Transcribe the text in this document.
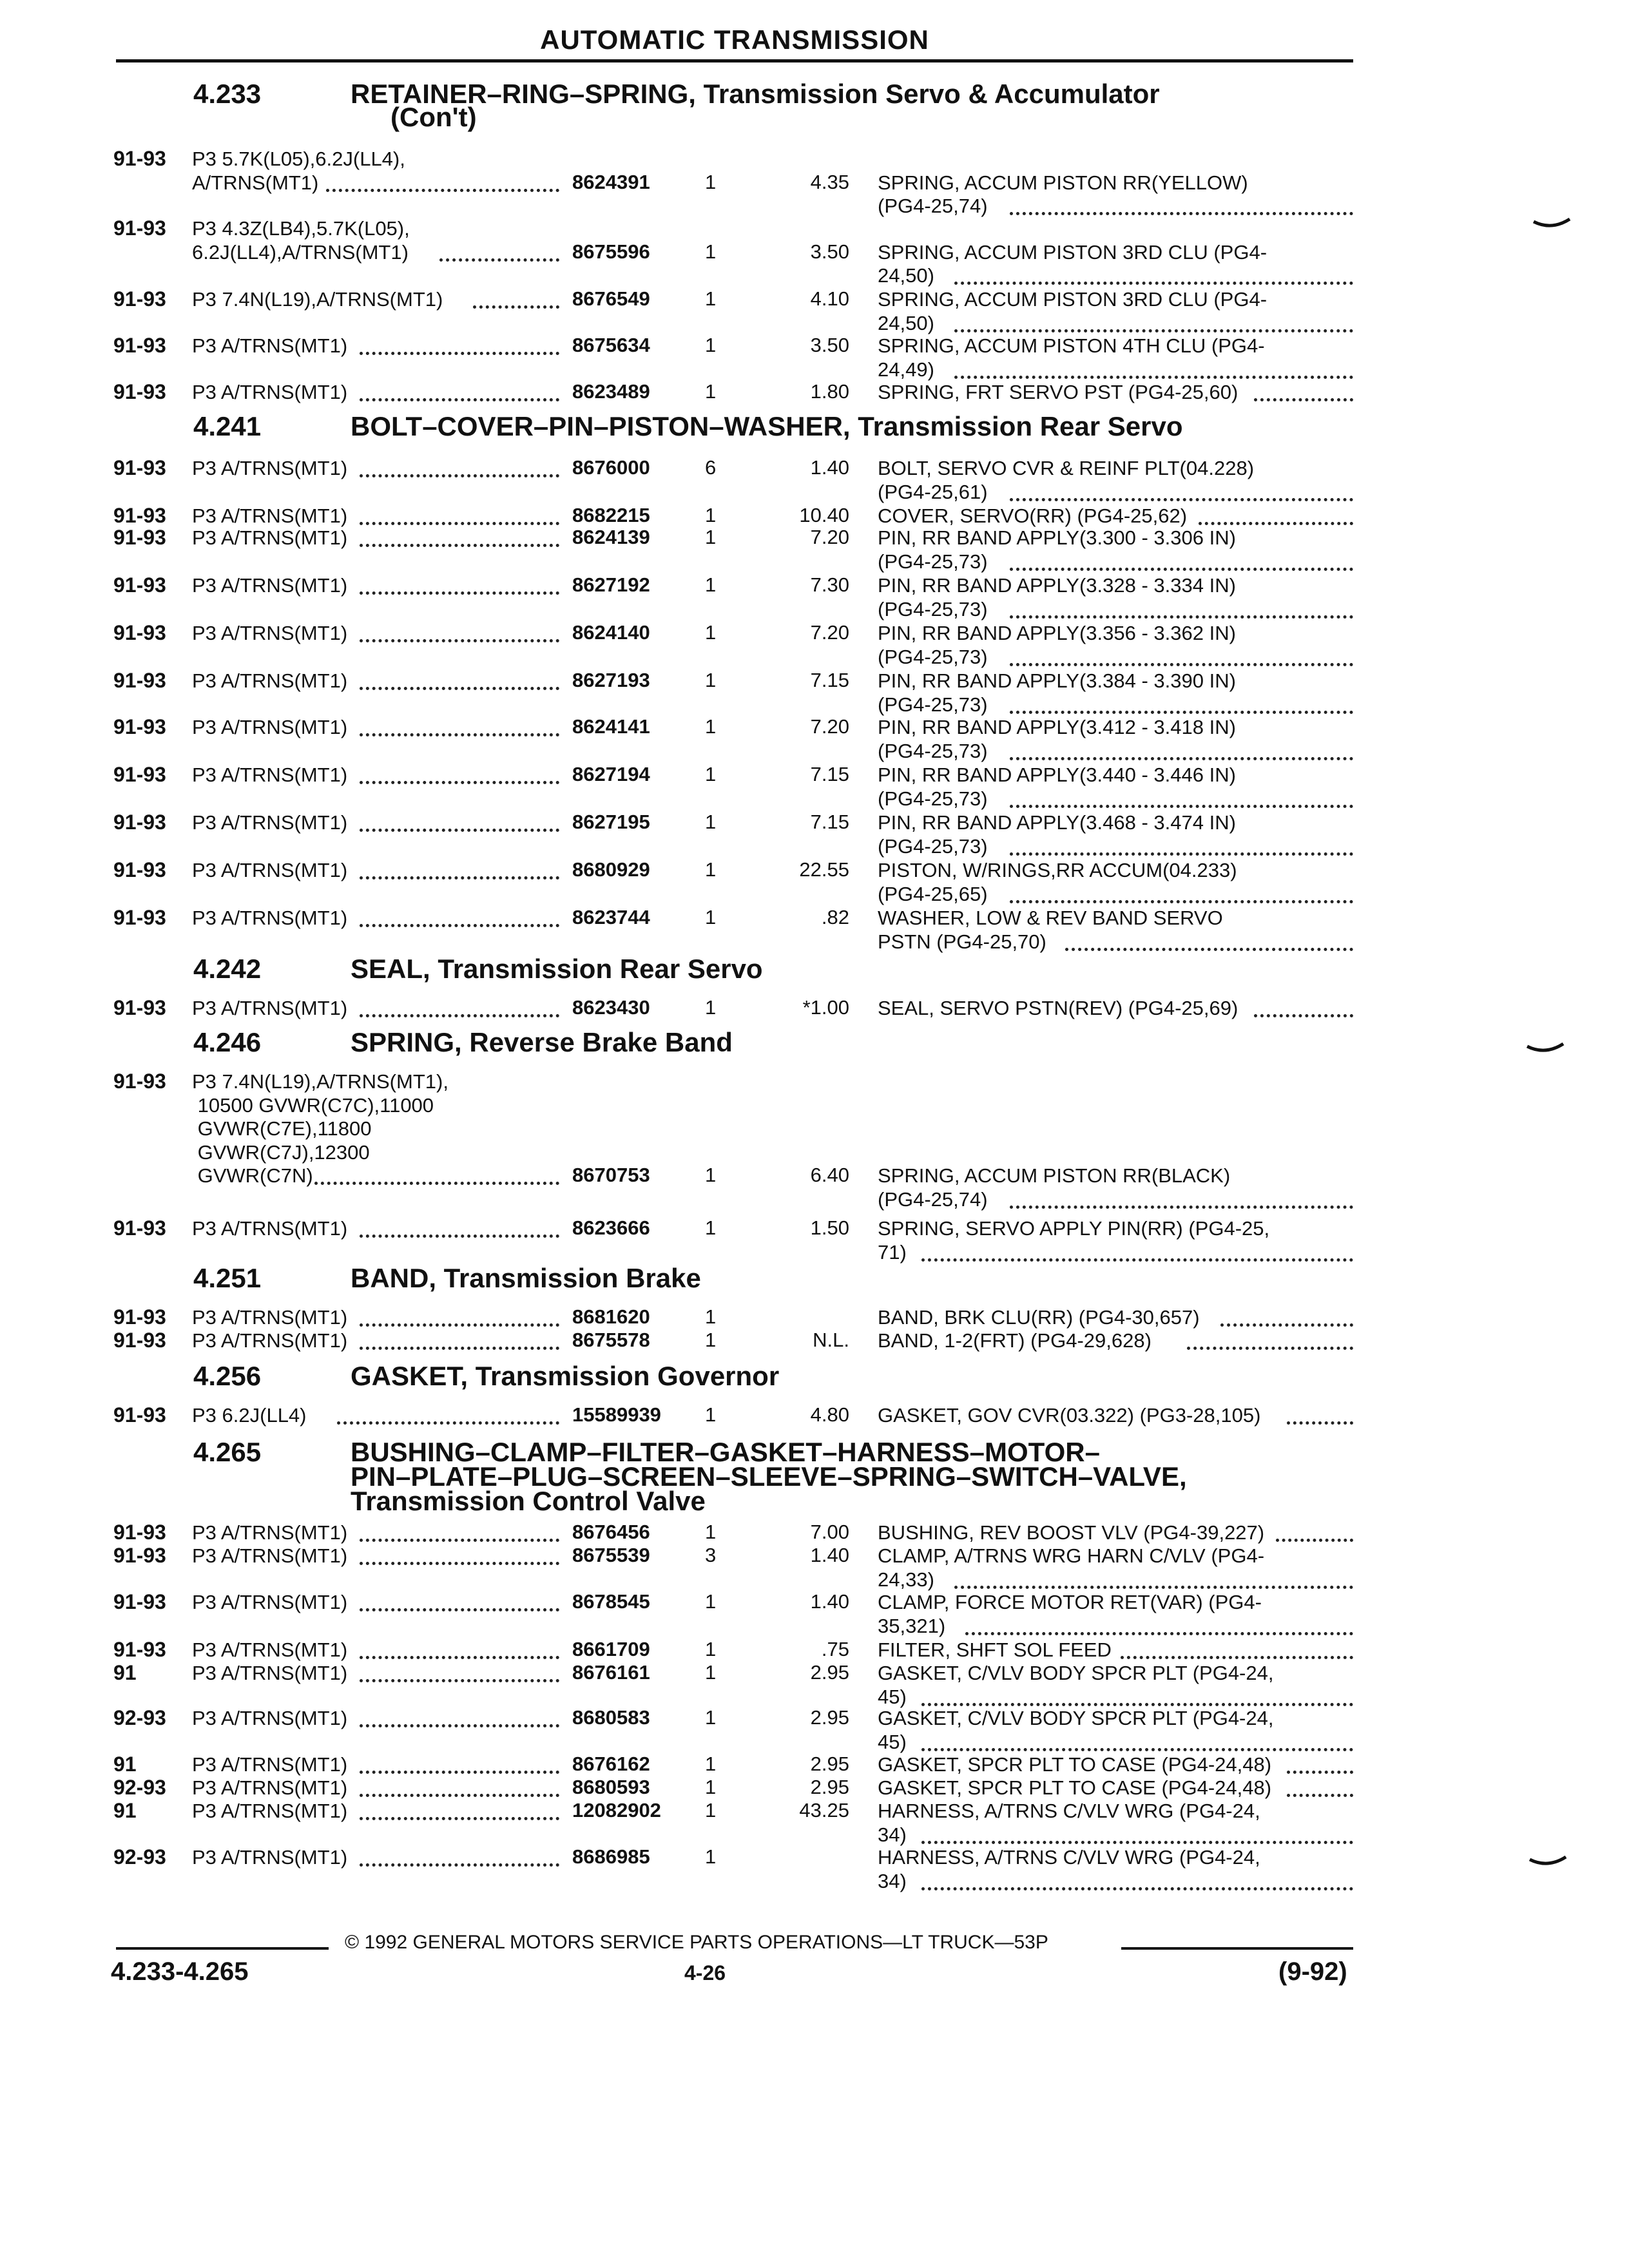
AUTOMATIC TRANSMISSION
4.233	RETAINER–RING–SPRING, Transmission Servo & Accumulator
(Con't)
91-93 P3 5.7K(L05),6.2J(LL4),
A/TRNS(MT1)	8624391	1	4.35 SPRING, ACCUM PISTON RR(YELLOW)
(PG4-25,74)
91-93 P3 4.3Z(LB4),5.7K(L05),
6.2J(LL4),A/TRNS(MT1)	8675596	1	3.50 SPRING, ACCUM PISTON 3RD CLU (PG4-
24,50)
91-93 P3 7.4N(L19),A/TRNS(MT1)	8676549	1	4.10 SPRING, ACCUM PISTON 3RD CLU (PG4-
24,50)
91-93 P3 A/TRNS(MT1)	8675634	1	3.50 SPRING, ACCUM PISTON 4TH CLU (PG4-
24,49)
91-93 P3 A/TRNS(MT1)	8623489	1	1.80 SPRING, FRT SERVO PST (PG4-25,60)
4.241	BOLT–COVER–PIN–PISTON–WASHER, Transmission Rear Servo
91-93 P3 A/TRNS(MT1)	8676000	6	1.40 BOLT, SERVO CVR & REINF PLT(04.228)
(PG4-25,61)
91-93 P3 A/TRNS(MT1)	8682215	1	10.40 COVER, SERVO(RR) (PG4-25,62)
91-93 P3 A/TRNS(MT1)	8624139	1	7.20 PIN, RR BAND APPLY(3.300 - 3.306 IN)
(PG4-25,73)
91-93 P3 A/TRNS(MT1)	8627192	1	7.30 PIN, RR BAND APPLY(3.328 - 3.334 IN)
(PG4-25,73)
91-93 P3 A/TRNS(MT1)	8624140	1	7.20 PIN, RR BAND APPLY(3.356 - 3.362 IN)
(PG4-25,73)
91-93 P3 A/TRNS(MT1)	8627193	1	7.15 PIN, RR BAND APPLY(3.384 - 3.390 IN)
(PG4-25,73)
91-93 P3 A/TRNS(MT1)	8624141	1	7.20 PIN, RR BAND APPLY(3.412 - 3.418 IN)
(PG4-25,73)
91-93 P3 A/TRNS(MT1)	8627194	1	7.15 PIN, RR BAND APPLY(3.440 - 3.446 IN)
(PG4-25,73)
91-93 P3 A/TRNS(MT1)	8627195	1	7.15 PIN, RR BAND APPLY(3.468 - 3.474 IN)
(PG4-25,73)
91-93 P3 A/TRNS(MT1)	8680929	1	22.55 PISTON, W/RINGS,RR ACCUM(04.233)
(PG4-25,65)
91-93 P3 A/TRNS(MT1)	8623744	1	.82 WASHER, LOW & REV BAND SERVO
PSTN (PG4-25,70)
4.242	SEAL, Transmission Rear Servo
91-93 P3 A/TRNS(MT1)	8623430	1	*1.00 SEAL, SERVO PSTN(REV) (PG4-25,69)
4.246	SPRING, Reverse Brake Band
91-93 P3 7.4N(L19),A/TRNS(MT1),
10500 GVWR(C7C),11000
GVWR(C7E),11800
GVWR(C7J),12300
GVWR(C7N)	8670753	1	6.40 SPRING, ACCUM PISTON RR(BLACK)
(PG4-25,74)
91-93 P3 A/TRNS(MT1)	8623666	1	1.50 SPRING, SERVO APPLY PIN(RR) (PG4-25,
71)
4.251	BAND, Transmission Brake
91-93 P3 A/TRNS(MT1)	8681620	1	BAND, BRK CLU(RR) (PG4-30,657)
91-93 P3 A/TRNS(MT1)	8675578	1	N.L. BAND, 1-2(FRT) (PG4-29,628)
4.256	GASKET, Transmission Governor
91-93 P3 6.2J(LL4)	15589939 1	4.80 GASKET, GOV CVR(03.322) (PG3-28,105)
4.265	BUSHING–CLAMP–FILTER–GASKET–HARNESS–MOTOR–
PIN–PLATE–PLUG–SCREEN–SLEEVE–SPRING–SWITCH–VALVE,
Transmission Control Valve
91-93 P3 A/TRNS(MT1)	8676456	1	7.00 BUSHING, REV BOOST VLV (PG4-39,227)
91-93 P3 A/TRNS(MT1)	8675539	3	1.40 CLAMP, A/TRNS WRG HARN C/VLV (PG4-
24,33)
91-93 P3 A/TRNS(MT1)	8678545	1	1.40 CLAMP, FORCE MOTOR RET(VAR) (PG4-
35,321)
91-93 P3 A/TRNS(MT1)	8661709	1	.75 FILTER, SHFT SOL FEED
91	P3 A/TRNS(MT1)	8676161	1	2.95 GASKET, C/VLV BODY SPCR PLT (PG4-24,
45)
92-93 P3 A/TRNS(MT1)	8680583	1	2.95 GASKET, C/VLV BODY SPCR PLT (PG4-24,
45)
91	P3 A/TRNS(MT1)	8676162	1	2.95 GASKET, SPCR PLT TO CASE (PG4-24,48)
92-93 P3 A/TRNS(MT1)	8680593	1	2.95 GASKET, SPCR PLT TO CASE (PG4-24,48)
91	P3 A/TRNS(MT1)	12082902 1	43.25 HARNESS, A/TRNS C/VLV WRG (PG4-24,
34)
92-93 P3 A/TRNS(MT1)	8686985	1	HARNESS, A/TRNS C/VLV WRG (PG4-24,
34)
© 1992 GENERAL MOTORS SERVICE PARTS OPERATIONS—LT TRUCK—53P
4.233-4.265	4-26	(9-92)
